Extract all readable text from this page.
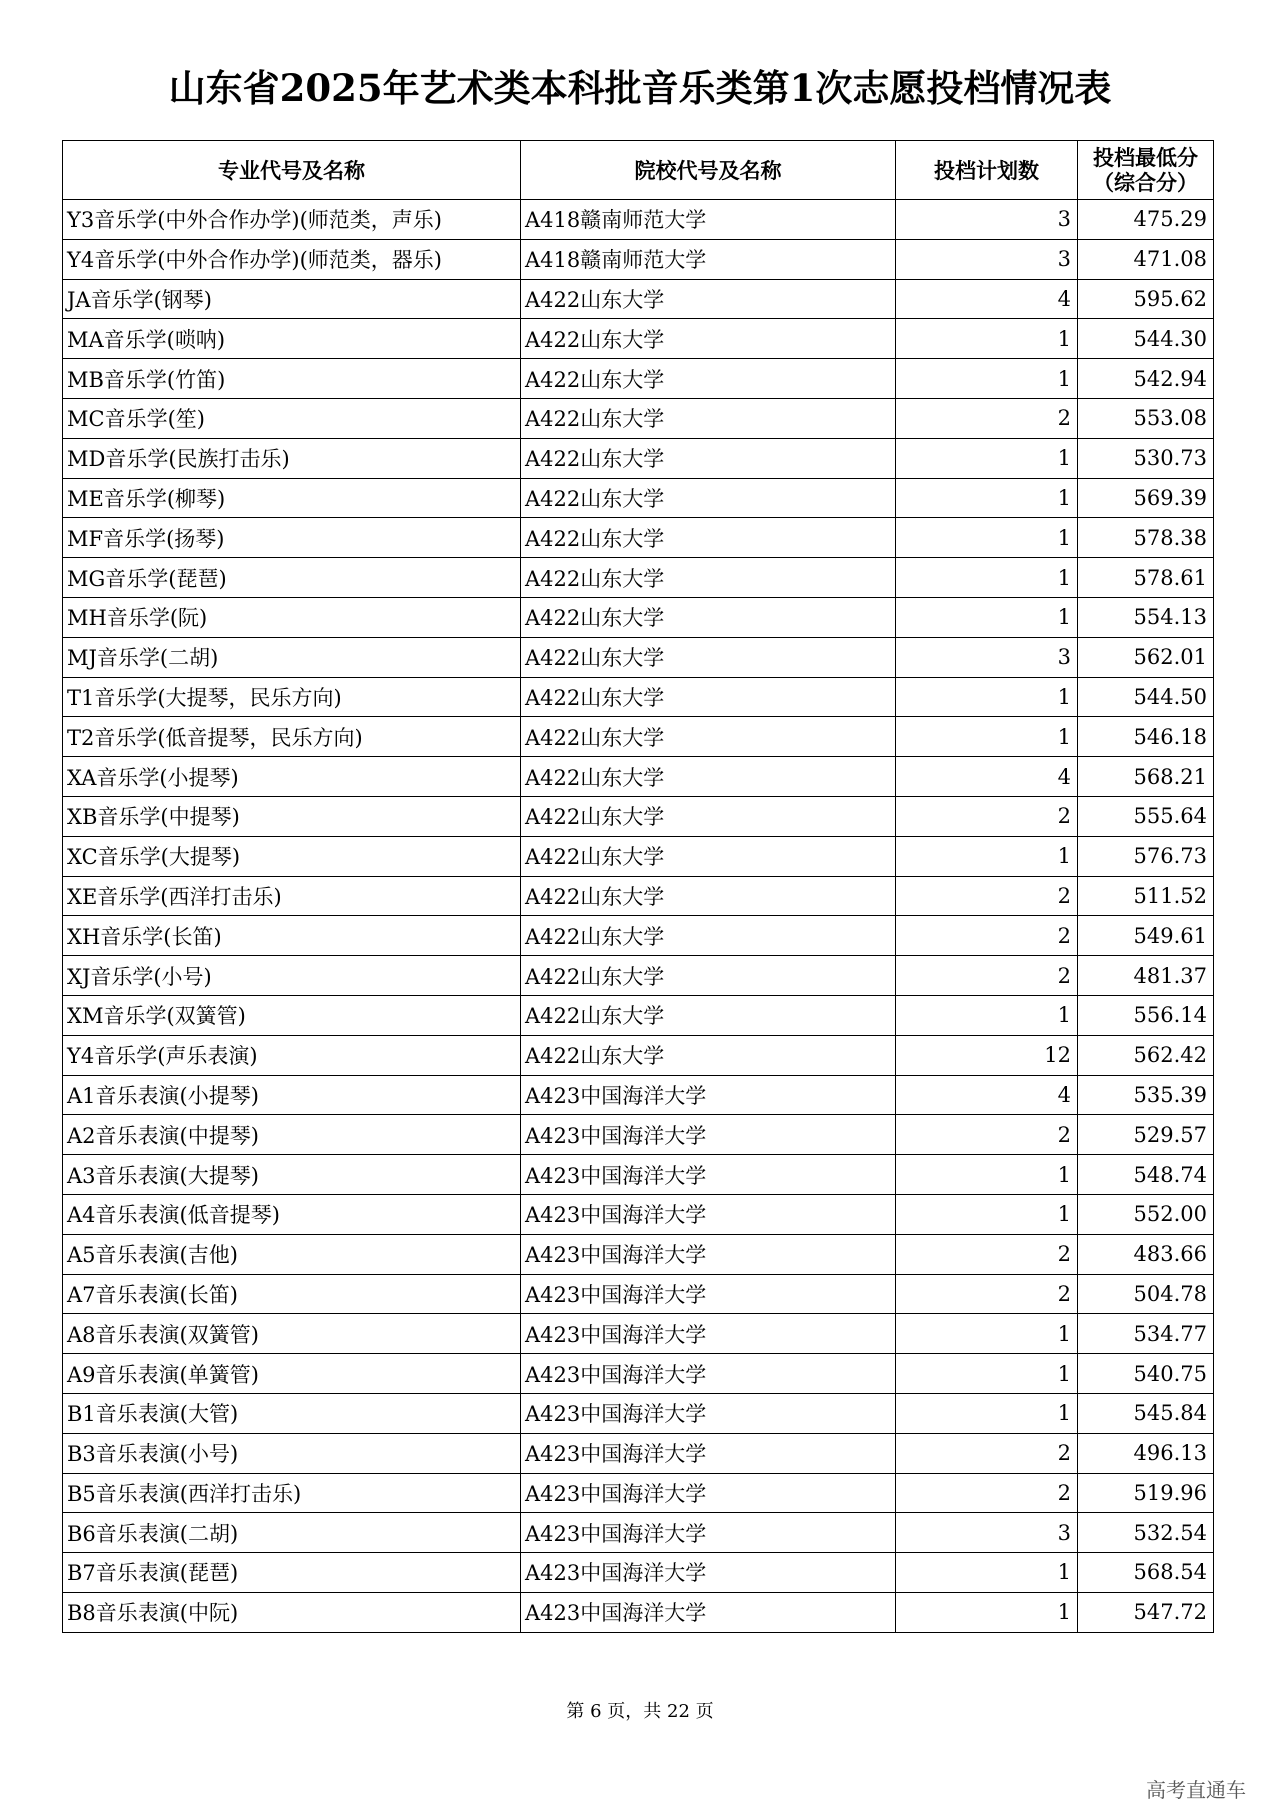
山东省2025年艺术类本科批音乐类第1次志愿投档情况表
专业代号及名称	院校代号及名称	投档计划数	投档最低分
（综合分）

Y3音乐学(中外合作办学)(师范类，声乐)	A418赣南师范大学	3	475.29
Y4音乐学(中外合作办学)(师范类，器乐)	A418赣南师范大学	3	471.08
JA音乐学(钢琴)	A422山东大学	4	595.62
MA音乐学(唢呐)	A422山东大学	1	544.30
MB音乐学(竹笛)	A422山东大学	1	542.94
MC音乐学(笙)	A422山东大学	2	553.08
MD音乐学(民族打击乐)	A422山东大学	1	530.73
ME音乐学(柳琴)	A422山东大学	1	569.39
MF音乐学(扬琴)	A422山东大学	1	578.38
MG音乐学(琵琶)	A422山东大学	1	578.61
MH音乐学(阮)	A422山东大学	1	554.13
MJ音乐学(二胡)	A422山东大学	3	562.01
T1音乐学(大提琴，民乐方向)	A422山东大学	1	544.50
T2音乐学(低音提琴，民乐方向)	A422山东大学	1	546.18
XA音乐学(小提琴)	A422山东大学	4	568.21
XB音乐学(中提琴)	A422山东大学	2	555.64
XC音乐学(大提琴)	A422山东大学	1	576.73
XE音乐学(西洋打击乐)	A422山东大学	2	511.52
XH音乐学(长笛)	A422山东大学	2	549.61
XJ音乐学(小号)	A422山东大学	2	481.37
XM音乐学(双簧管)	A422山东大学	1	556.14
Y4音乐学(声乐表演)	A422山东大学	12	562.42
A1音乐表演(小提琴)	A423中国海洋大学	4	535.39
A2音乐表演(中提琴)	A423中国海洋大学	2	529.57
A3音乐表演(大提琴)	A423中国海洋大学	1	548.74
A4音乐表演(低音提琴)	A423中国海洋大学	1	552.00
A5音乐表演(吉他)	A423中国海洋大学	2	483.66
A7音乐表演(长笛)	A423中国海洋大学	2	504.78
A8音乐表演(双簧管)	A423中国海洋大学	1	534.77
A9音乐表演(单簧管)	A423中国海洋大学	1	540.75
B1音乐表演(大管)	A423中国海洋大学	1	545.84
B3音乐表演(小号)	A423中国海洋大学	2	496.13
B5音乐表演(西洋打击乐)	A423中国海洋大学	2	519.96
B6音乐表演(二胡)	A423中国海洋大学	3	532.54
B7音乐表演(琵琶)	A423中国海洋大学	1	568.54
B8音乐表演(中阮)	A423中国海洋大学	1	547.72
第 6 页，共 22 页
高考直通车
